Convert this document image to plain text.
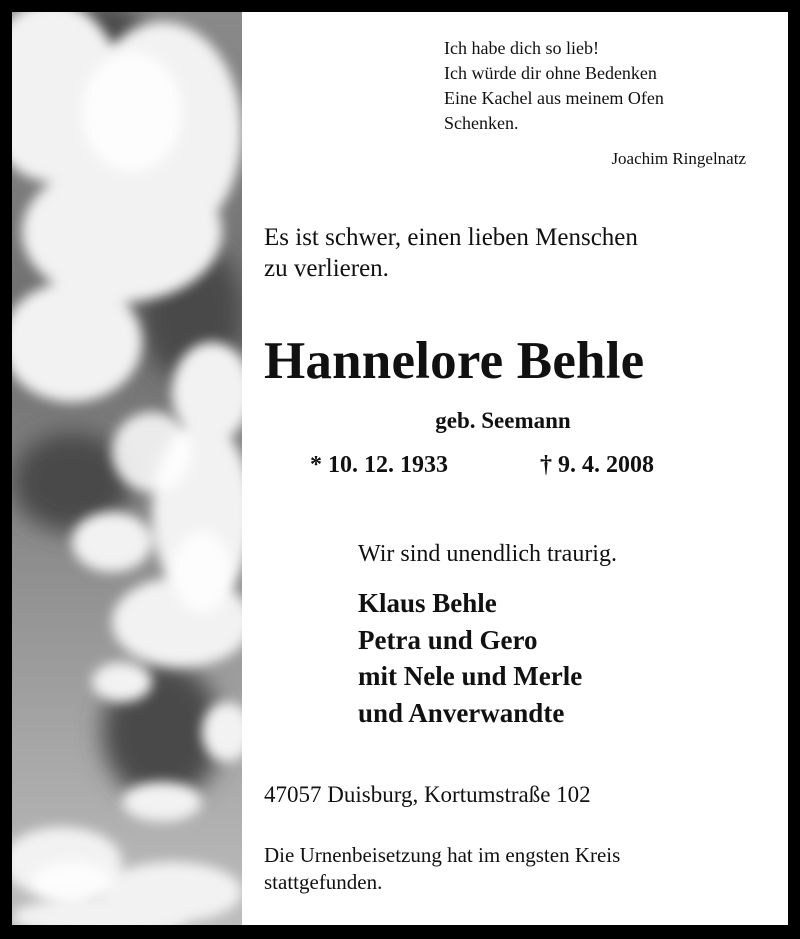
Ich habe dich so lieb!
Ich würde dir ohne Bedenken
Eine Kachel aus meinem Ofen
Schenken.
Joachim Ringelnatz
Es ist schwer, einen lieben Menschen
zu verlieren.
Hannelore Behle
geb. Seemann
* 10. 12. 1933	† 9. 4. 2008
Wir sind unendlich traurig.
Klaus Behle
Petra und Gero
mit Nele und Merle
und Anverwandte
47057 Duisburg, Kortumstraße 102
Die Urnenbeisetzung hat im engsten Kreis
stattgefunden.
